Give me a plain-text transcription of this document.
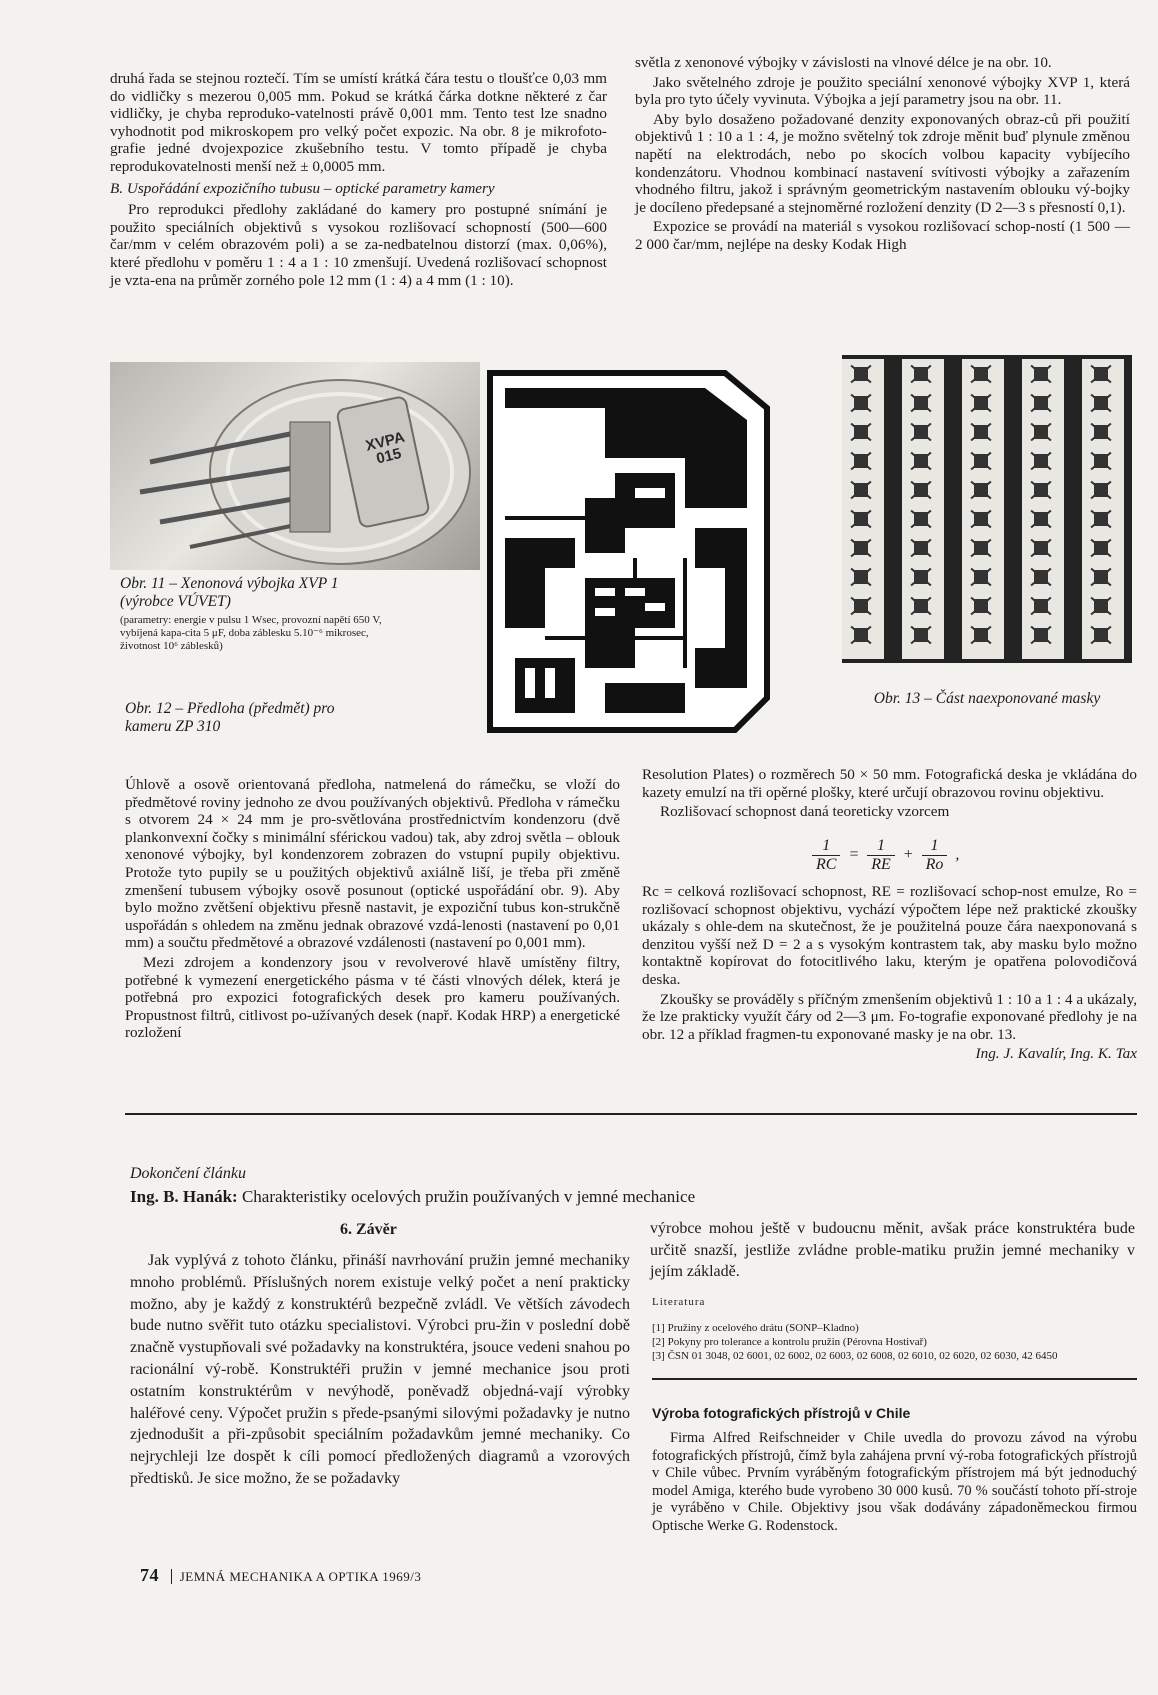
druhá řada se stejnou roztečí. Tím se umístí krátká čára testu o tloušťce 0,03 mm do vidličky s mezerou 0,005 mm. Pokud se krátká čárka dotkne některé z čar vidličky, je chyba reproduko-vatelnosti právě 0,001 mm. Tento test lze snadno vyhodnotit pod mikroskopem pro velký počet expozic. Na obr. 8 je mikrofoto-grafie jedné dvojexpozice zkušebního testu. V tomto případě je chyba reprodukovatelnosti menší než ± 0,0005 mm.

B. Uspořádání expozičního tubusu – optické parametry kamery

Pro reprodukci předlohy zakládané do kamery pro postupné snímání je použito speciálních objektivů s vysokou rozlišovací schopností (500—600 čar/mm v celém obrazovém poli) a se za-nedbatelnou distorzí (max. 0,06%), které předlohu v poměru 1 : 4 a 1 : 10 zmenšují. Uvedená rozlišovací schopnost je vzta-ena na průměr zorného pole 12 mm (1 : 4) a 4 mm (1 : 10).

světla z xenonové výbojky v závislosti na vlnové délce je na obr. 10.

Jako světelného zdroje je použito speciální xenonové výbojky XVP 1, která byla pro tyto účely vyvinuta. Výbojka a její parametry jsou na obr. 11.

Aby bylo dosaženo požadované denzity exponovaných obraz-ců při použití objektivů 1 : 10 a 1 : 4, je možno světelný tok zdroje měnit buď plynule změnou napětí na elektrodách, nebo po skocích volbou kapacity vybíjecího kondenzátoru. Vhodnou kombinací nastavení svítivosti výbojky a zařazením vhodného filtru, jakož i správným geometrickým nastavením oblouku vý-bojky je docíleno předepsané a stejnoměrné rozložení denzity (D 2—3 s přesností 0,1).

Expozice se provádí na materiál s vysokou rozlišovací schop-ností (1 500 — 2 000 čar/mm, nejlépe na desky Kodak High

XVPA 015
Obr. 11 – Xenonová výbojka XVP 1 (výrobce VÚVET)
(parametry: energie v pulsu 1 Wsec, provozní napětí 650 V, vybíjená kapa-cita 5 μF, doba záblesku 5.10⁻⁶ mikrosec, životnost 10⁶ záblesků)
Obr. 12 – Předloha (předmět) pro kameru ZP 310
Obr. 13 – Část naexponované masky

Úhlově a osově orientovaná předloha, natmelená do rámečku, se vloží do předmětové roviny jednoho ze dvou používaných objektivů. Předloha v rámečku s otvorem 24 × 24 mm je pro-světlována prostřednictvím kondenzoru (dvě plankonvexní čočky s minimální sférickou vadou) tak, aby zdroj světla – oblouk xenonové výbojky, byl kondenzorem zobrazen do vstupní pupily objektivu. Protože tyto pupily se u použitých objektivů axiálně liší, je třeba při změně zmenšení tubusem výbojky osově posunout (optické uspořádání obr. 9). Aby bylo možno zvětšení objektivu přesně nastavit, je expoziční tubus kon-strukčně uspořádán s ohledem na změnu jednak obrazové vzdá-lenosti (nastavení po 0,01 mm) a součtu předmětové a obrazové vzdálenosti (nastavení po 0,001 mm).

Mezi zdrojem a kondenzory jsou v revolverové hlavě umístěny filtry, potřebné k vymezení energetického pásma v té části vlnových délek, která je potřebná pro expozici fotografických desek pro kameru používaných. Propustnost filtrů, citlivost po-užívaných desek (např. Kodak HRP) a energetické rozložení

Resolution Plates) o rozměrech 50 × 50 mm. Fotografická deska je vkládána do kazety emulzí na tři opěrné plošky, které určují obrazovou rovinu objektivu.

Rozlišovací schopnost daná teoreticky vzorcem

$\frac{1}{RC} = \frac{1}{RE} + \frac{1}{Ro}$ ,

Rc = celková rozlišovací schopnost, RE = rozlišovací schop-nost emulze, Ro = rozlišovací schopnost objektivu, vychází výpočtem lépe než praktické zkoušky ukázaly s ohle-dem na skutečnost, že je použitelná pouze čára naexponovaná s denzitou vyšší než D = 2 a s vysokým kontrastem tak, aby masku bylo možno kontaktně kopírovat do fotocitlivého laku, kterým je opatřena polovodičová deska.

Zkoušky se prováděly s příčným zmenšením objektivů 1 : 10 a 1 : 4 a ukázaly, že lze prakticky využít čáry od 2—3 μm. Fo-tografie exponované předlohy je na obr. 12 a příklad fragmen-tu exponované masky je na obr. 13.

Ing. J. Kavalír, Ing. K. Tax

Dokončení článku
Ing. B. Hanák: Charakteristiky ocelových pružin používaných v jemné mechanice
6. Závěr

Jak vyplývá z tohoto článku, přináší navrhování pružin jemné mechaniky mnoho problémů. Příslušných norem existuje velký počet a není prakticky možno, aby je každý z konstruktérů bezpečně zvládl. Ve větších závodech bude nutno svěřit tuto otázku specialistovi. Výrobci pru-žin v poslední době značně vystupňovali své požadavky na konstruktéra, jsouce vedeni snahou po racionální vý-robě. Konstruktéři pružin v jemné mechanice jsou proti ostatním konstruktérům v nevýhodě, poněvadž objedná-vají výrobky haléřové ceny. Výpočet pružin s přede-psanými silovými požadavky je nutno zjednodušit a při-způsobit speciálním požadavkům jemné mechaniky. Co nejrychleji lze dospět k cíli pomocí předložených diagramů a vzorových předtisků. Je sice možno, že se požadavky

výrobce mohou ještě v budoucnu měnit, avšak práce konstruktéra bude určitě snazší, jestliže zvládne proble-matiku pružin jemné mechaniky v jejím základě.

Literatura
[1] Pružiny z ocelového drátu (SONP–Kladno)
[2] Pokyny pro tolerance a kontrolu pružin (Pérovna Hostivař)
[3] ČSN 01 3048, 02 6001, 02 6002, 02 6003, 02 6008, 02 6010, 02 6020, 02 6030, 42 6450
Výroba fotografických přístrojů v Chile

Firma Alfred Reifschneider v Chile uvedla do provozu závod na výrobu fotografických přístrojů, čímž byla zahájena první vý-roba fotografických přístrojů v Chile vůbec. Prvním vyráběným fotografickým přístrojem má být jednoduchý model Amiga, kterého bude vyrobeno 30 000 kusů. 70 % součástí tohoto pří-stroje je vyráběno v Chile. Objektivy jsou však dodávány západoněmeckou firmou Optische Werke G. Rodenstock.

74 JEMNÁ MECHANIKA A OPTIKA 1969/3
